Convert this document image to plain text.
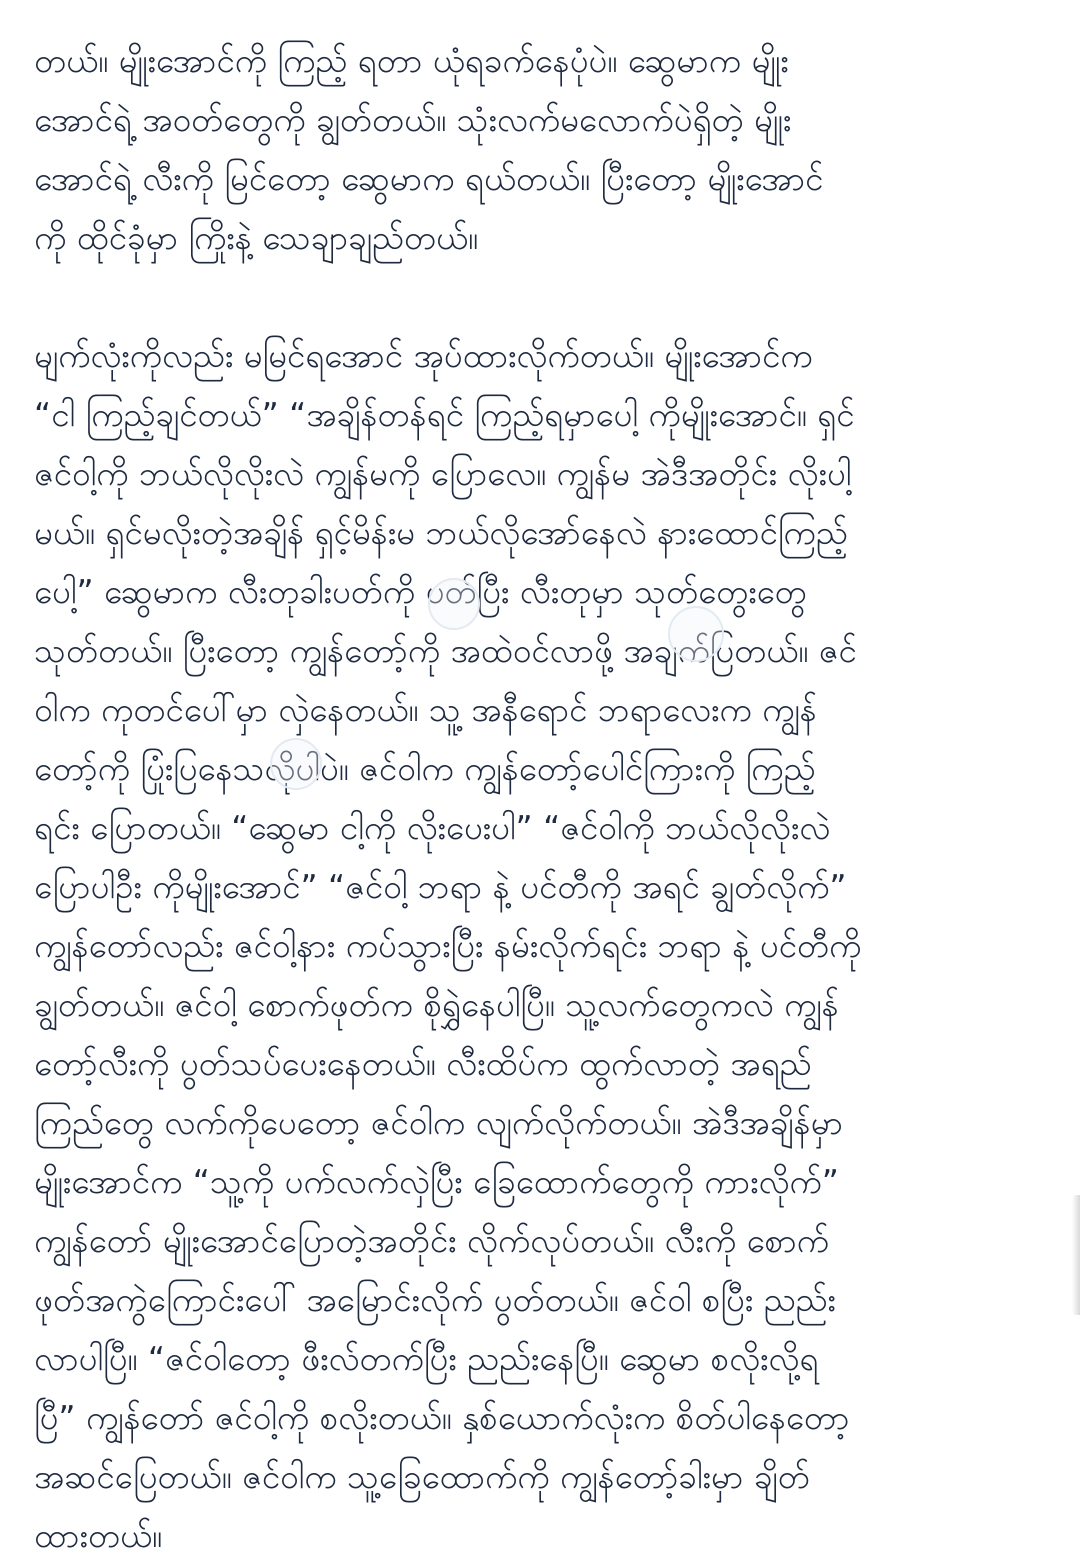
တယ်။ မျိုးအောင်ကို ကြည့် ရတာ ယုံရခက်နေပုံပဲ။ ဆွေမာက မျိုး
အောင်ရဲ့ အဝတ်တွေကို ချွတ်တယ်။ သုံးလက်မလောက်ပဲရှိတဲ့ မျိုး
အောင်ရဲ့ လီးကို မြင်တော့ ဆွေမာက ရယ်တယ်။ ပြီးတော့ မျိုးအောင်
ကို ထိုင်ခုံမှာ ကြိုးနဲ့ သေချာချည်တယ်။
မျက်လုံးကိုလည်း မမြင်ရအောင် အုပ်ထားလိုက်တယ်။ မျိုးအောင်က
“ငါ ကြည့်ချင်တယ်” “အချိန်တန်ရင် ကြည့်ရမှာပေါ့ ကိုမျိုးအောင်။ ရှင်
ဇင်ဝါ့ကို ဘယ်လိုလိုးလဲ ကျွန်မကို ပြောလေ။ ကျွန်မ အဲဒီအတိုင်း လိုးပါ့
မယ်။ ရှင်မလိုးတဲ့အချိန် ရှင့်မိန်းမ ဘယ်လိုအော်နေလဲ နားထောင်ကြည့်
ပေါ့” ဆွေမာက လီးတုခါးပတ်ကို ပတ်ပြီး လီးတုမှာ သုတ်တွေးတွေ
သုတ်တယ်။ ပြီးတော့ ကျွန်တော့်ကို အထဲဝင်လာဖို့ အချက်ပြတယ်။ ဇင်
ဝါက ကုတင်ပေါ်မှာ လှဲနေတယ်။ သူ့ အနီရောင် ဘရာလေးက ကျွန်
တော့်ကို ပြုံးပြနေသလိုပါပဲ။ ဇင်ဝါက ကျွန်တော့်ပေါင်ကြားကို ကြည့်
ရင်း ပြောတယ်။ “ဆွေမာ ငါ့ကို လိုးပေးပါ” “ဇင်ဝါကို ဘယ်လိုလိုးလဲ
ပြောပါဦး ကိုမျိုးအောင်” “ဇင်ဝါ့ ဘရာ နဲ့ ပင်တီကို အရင် ချွတ်လိုက်”
ကျွန်တော်လည်း ဇင်ဝါ့နား ကပ်သွားပြီး နမ်းလိုက်ရင်း ဘရာ နဲ့ ပင်တီကို
ချွတ်တယ်။ ဇင်ဝါ့ စောက်ဖုတ်က စိုရွှဲနေပါပြီ။ သူ့လက်တွေကလဲ ကျွန်
တော့်လီးကို ပွတ်သပ်ပေးနေတယ်။ လီးထိပ်က ထွက်လာတဲ့ အရည်
ကြည်တွေ လက်ကိုပေတော့ ဇင်ဝါက လျက်လိုက်တယ်။ အဲဒီအချိန်မှာ
မျိုးအောင်က “သူ့ကို ပက်လက်လှဲပြီး ခြေထောက်တွေကို ကားလိုက်”
ကျွန်တော် မျိုးအောင်ပြောတဲ့အတိုင်း လိုက်လုပ်တယ်။ လီးကို စောက်
ဖုတ်အကွဲကြောင်းပေါ် အမြောင်းလိုက် ပွတ်တယ်။ ဇင်ဝါ စပြီး ညည်း
လာပါပြီ။ “ဇင်ဝါတော့ ဖီးလ်တက်ပြီး ညည်းနေပြီ။ ဆွေမာ စလိုးလို့ရ
ပြီ” ကျွန်တော် ဇင်ဝါ့ကို စလိုးတယ်။ နှစ်ယောက်လုံးက စိတ်ပါနေတော့
အဆင်ပြေတယ်။ ဇင်ဝါက သူ့ခြေထောက်ကို ကျွန်တော့်ခါးမှာ ချိတ်
ထားတယ်။
